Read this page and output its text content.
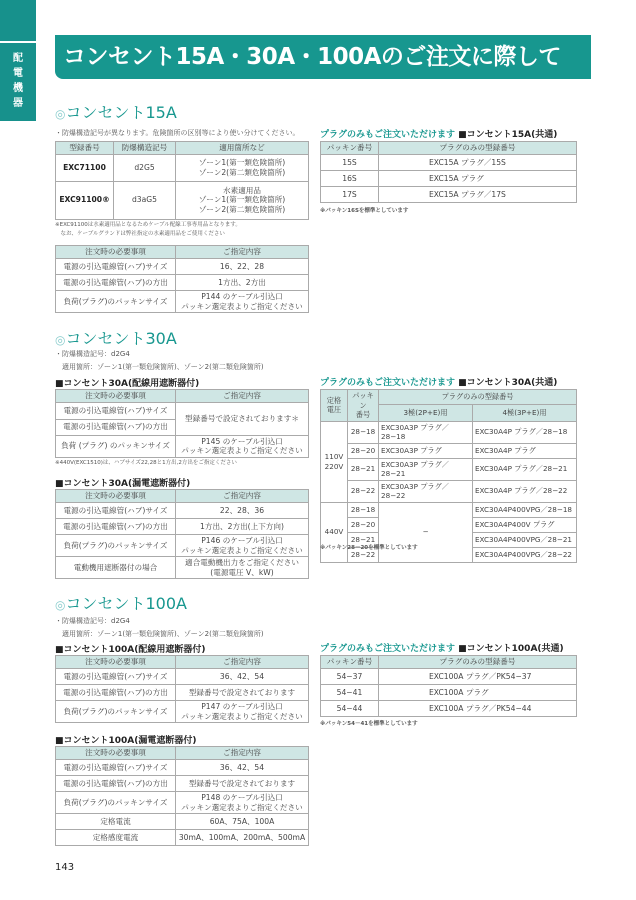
配
電
機
器
コンセント15A・30A・100Aのご注文に際して
◎コンセント15A
・防爆構造記号が異なります。危険箇所の区別等により使い分けてください。
型録番号	防爆構造記号	適用箇所など
EXC71100	d2G5	ゾーン1(第一類危険箇所)
ゾーン2(第二類危険箇所)
EXC91100®	d3aG5	水素適用品
ゾーン1(第一類危険箇所)
ゾーン2(第二類危険箇所)
※EXC91100は水素適用品となるためケーブル配線工事専用品となります。
　なお、ケーブルグランドは弊社指定の水素適用品をご使用ください
注文時の必要事項	ご指定内容
電源の引込電線管(ハブ)サイズ	16、22、28
電源の引込電線管(ハブ)の方出	1方出、2方出
負荷(プラグ)のパッキンサイズ	P144 のケーブル引込口
パッキン選定表よりご指定ください
プラグのみもご注文いただけます ■コンセント15A(共通)
パッキン番号	プラグのみの型録番号
15S	EXC15A プラグ／15S
16S	EXC15A プラグ
17S	EXC15A プラグ／17S
※パッキン16Sを標準としています
◎コンセント30A
・防爆構造記号：d2G4
　適用箇所：ゾーン1(第一類危険箇所)、ゾーン2(第二類危険箇所)
■コンセント30A(配線用遮断器付)
注文時の必要事項	ご指定内容
電源の引込電線管(ハブ)サイズ	型録番号で設定されております＊
電源の引込電線管(ハブ)の方出	
負荷 (プラグ) のパッキンサイズ	P145 のケーブル引込口
パッキン選定表よりご指定ください
※440V(EXC1510)は、ハブサイズ22,28と1方出,2方出をご指定ください
■コンセント30A(漏電遮断器付)
注文時の必要事項	ご指定内容
電源の引込電線管(ハブ)サイズ	22、28、36
電源の引込電線管(ハブ)の方出	1方出、2方出(上下方向)
負荷(プラグ)のパッキンサイズ	P146 のケーブル引込口
パッキン選定表よりご指定ください
電動機用遮断器付の場合	適合電動機出力をご指定ください
(電源電圧 V、kW)
プラグのみもご注文いただけます ■コンセント30A(共通)
定格
電圧	パッキン
番号	プラグのみの型録番号	
		3極(2P+E)用	4極(3P+E)用
110V
220V	28−18	EXC30A3P プラグ／28−18	EXC30A4P プラグ／28−18
	28−20	EXC30A3P プラグ	EXC30A4P プラグ
	28−21	EXC30A3P プラグ／28−21	EXC30A4P プラグ／28−21
	28−22	EXC30A3P プラグ／28−22	EXC30A4P プラグ／28−22
440V	28−18	−	EXC30A4P400VPG／28−18
	28−20		EXC30A4P400V プラグ
	28−21		EXC30A4P400VPG／28−21
	28−22		EXC30A4P400VPG／28−22
※パッキン28－20を標準としています
◎コンセント100A
・防爆構造記号：d2G4
　適用箇所：ゾーン1(第一類危険箇所)、ゾーン2(第二類危険箇所)
■コンセント100A(配線用遮断器付)
注文時の必要事項	ご指定内容
電源の引込電線管(ハブ)サイズ	36、42、54
電源の引込電線管(ハブ)の方出	型録番号で設定されております
負荷(プラグ)のパッキンサイズ	P147 のケーブル引込口
パッキン選定表よりご指定ください
■コンセント100A(漏電遮断器付)
注文時の必要事項	ご指定内容
電源の引込電線管(ハブ)サイズ	36、42、54
電源の引込電線管(ハブ)の方出	型録番号で設定されております
負荷(プラグ)のパッキンサイズ	P148 のケーブル引込口
パッキン選定表よりご指定ください
定格電流	60A、75A、100A
定格感度電流	30mA、100mA、200mA、500mA
プラグのみもご注文いただけます ■コンセント100A(共通)
パッキン番号	プラグのみの型録番号
54−37	EXC100A プラグ／PK54−37
54−41	EXC100A プラグ
54−44	EXC100A プラグ／PK54−44
※パッキン54－41を標準としています
143
